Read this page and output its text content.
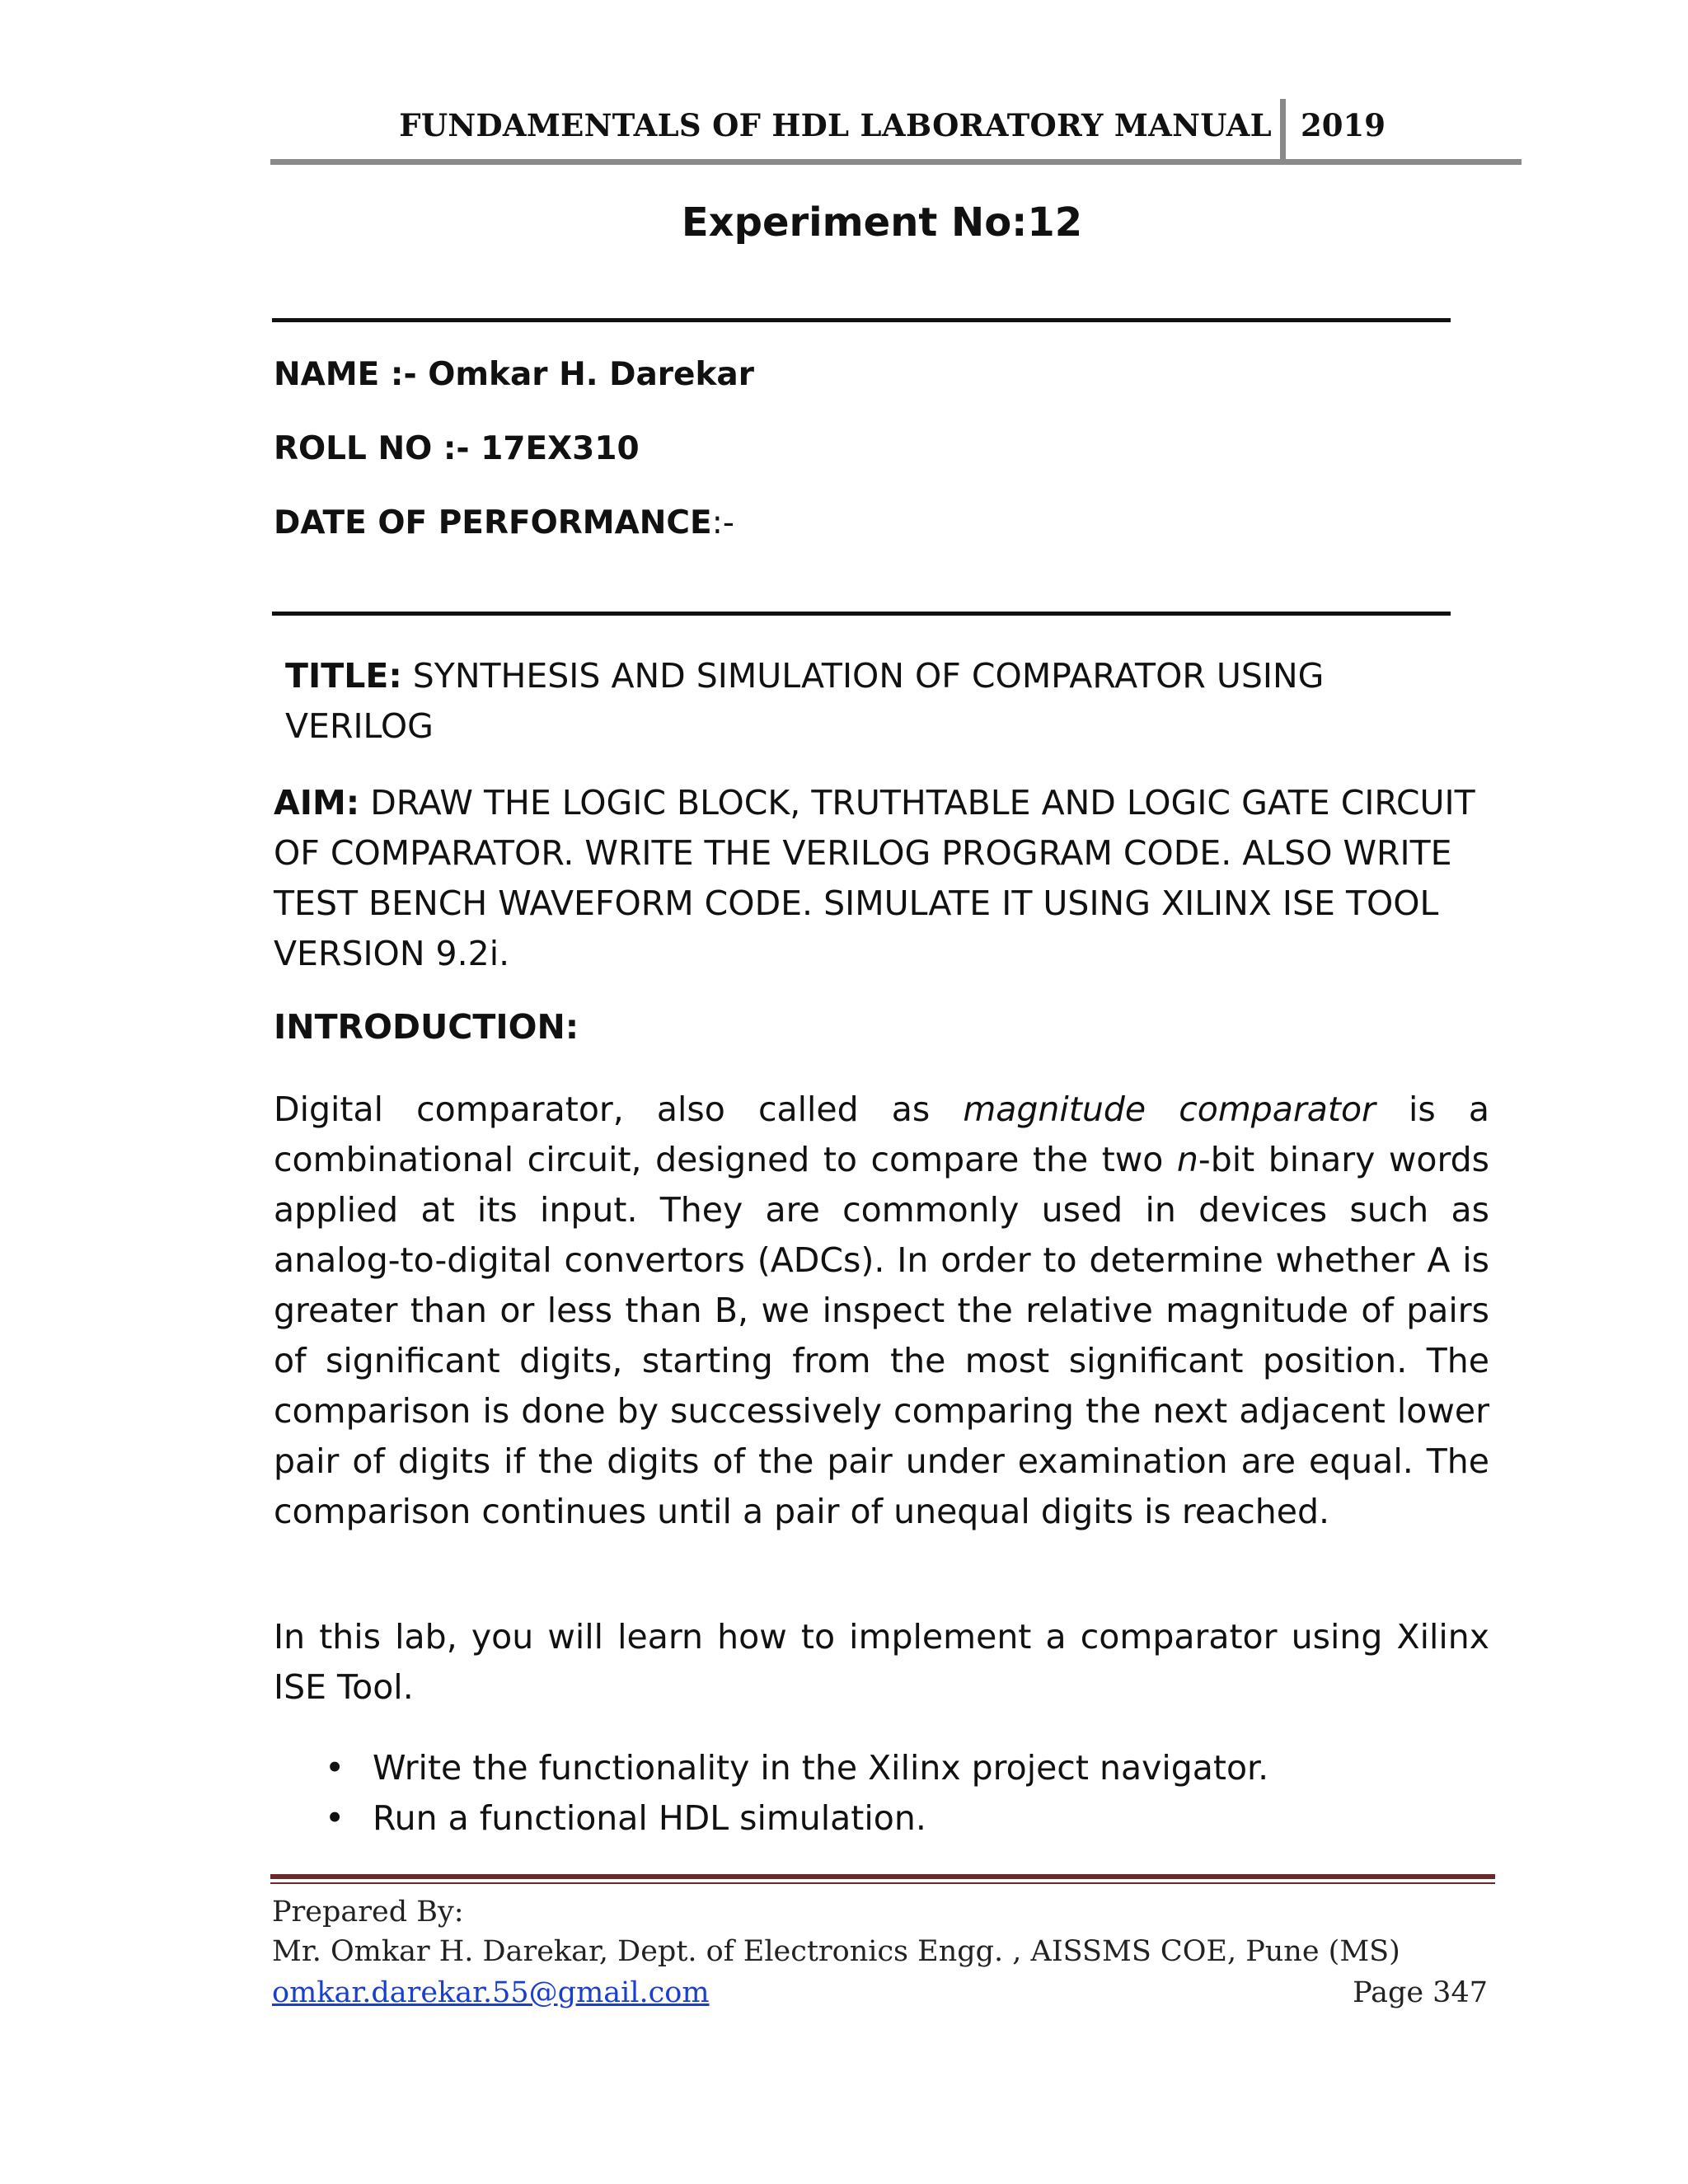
FUNDAMENTALS OF HDL LABORATORY MANUAL 2019
Experiment No:12
NAME :- Omkar H. Darekar
ROLL NO :- 17EX310
DATE OF PERFORMANCE:-
TITLE: SYNTHESIS AND SIMULATION OF COMPARATOR USING VERILOG
AIM: DRAW THE LOGIC BLOCK, TRUTHTABLE AND LOGIC GATE CIRCUIT OF COMPARATOR. WRITE THE VERILOG PROGRAM CODE. ALSO WRITE TEST BENCH WAVEFORM CODE. SIMULATE IT USING XILINX ISE TOOL VERSION 9.2i.
INTRODUCTION:
Digital comparator, also called as magnitude comparator is a combinational circuit, designed to compare the two n-bit binary words applied at its input. They are commonly used in devices such as analog-to-digital convertors (ADCs). In order to determine whether A is greater than or less than B, we inspect the relative magnitude of pairs of significant digits, starting from the most significant position. The comparison is done by successively comparing the next adjacent lower pair of digits if the digits of the pair under examination are equal. The comparison continues until a pair of unequal digits is reached.
In this lab, you will learn how to implement a comparator using Xilinx ISE Tool.
• Write the functionality in the Xilinx project navigator.
• Run a functional HDL simulation.
Prepared By:
Mr. Omkar H. Darekar, Dept. of Electronics Engg. , AISSMS COE, Pune (MS)
omkar.darekar.55@gmail.com	Page 347
